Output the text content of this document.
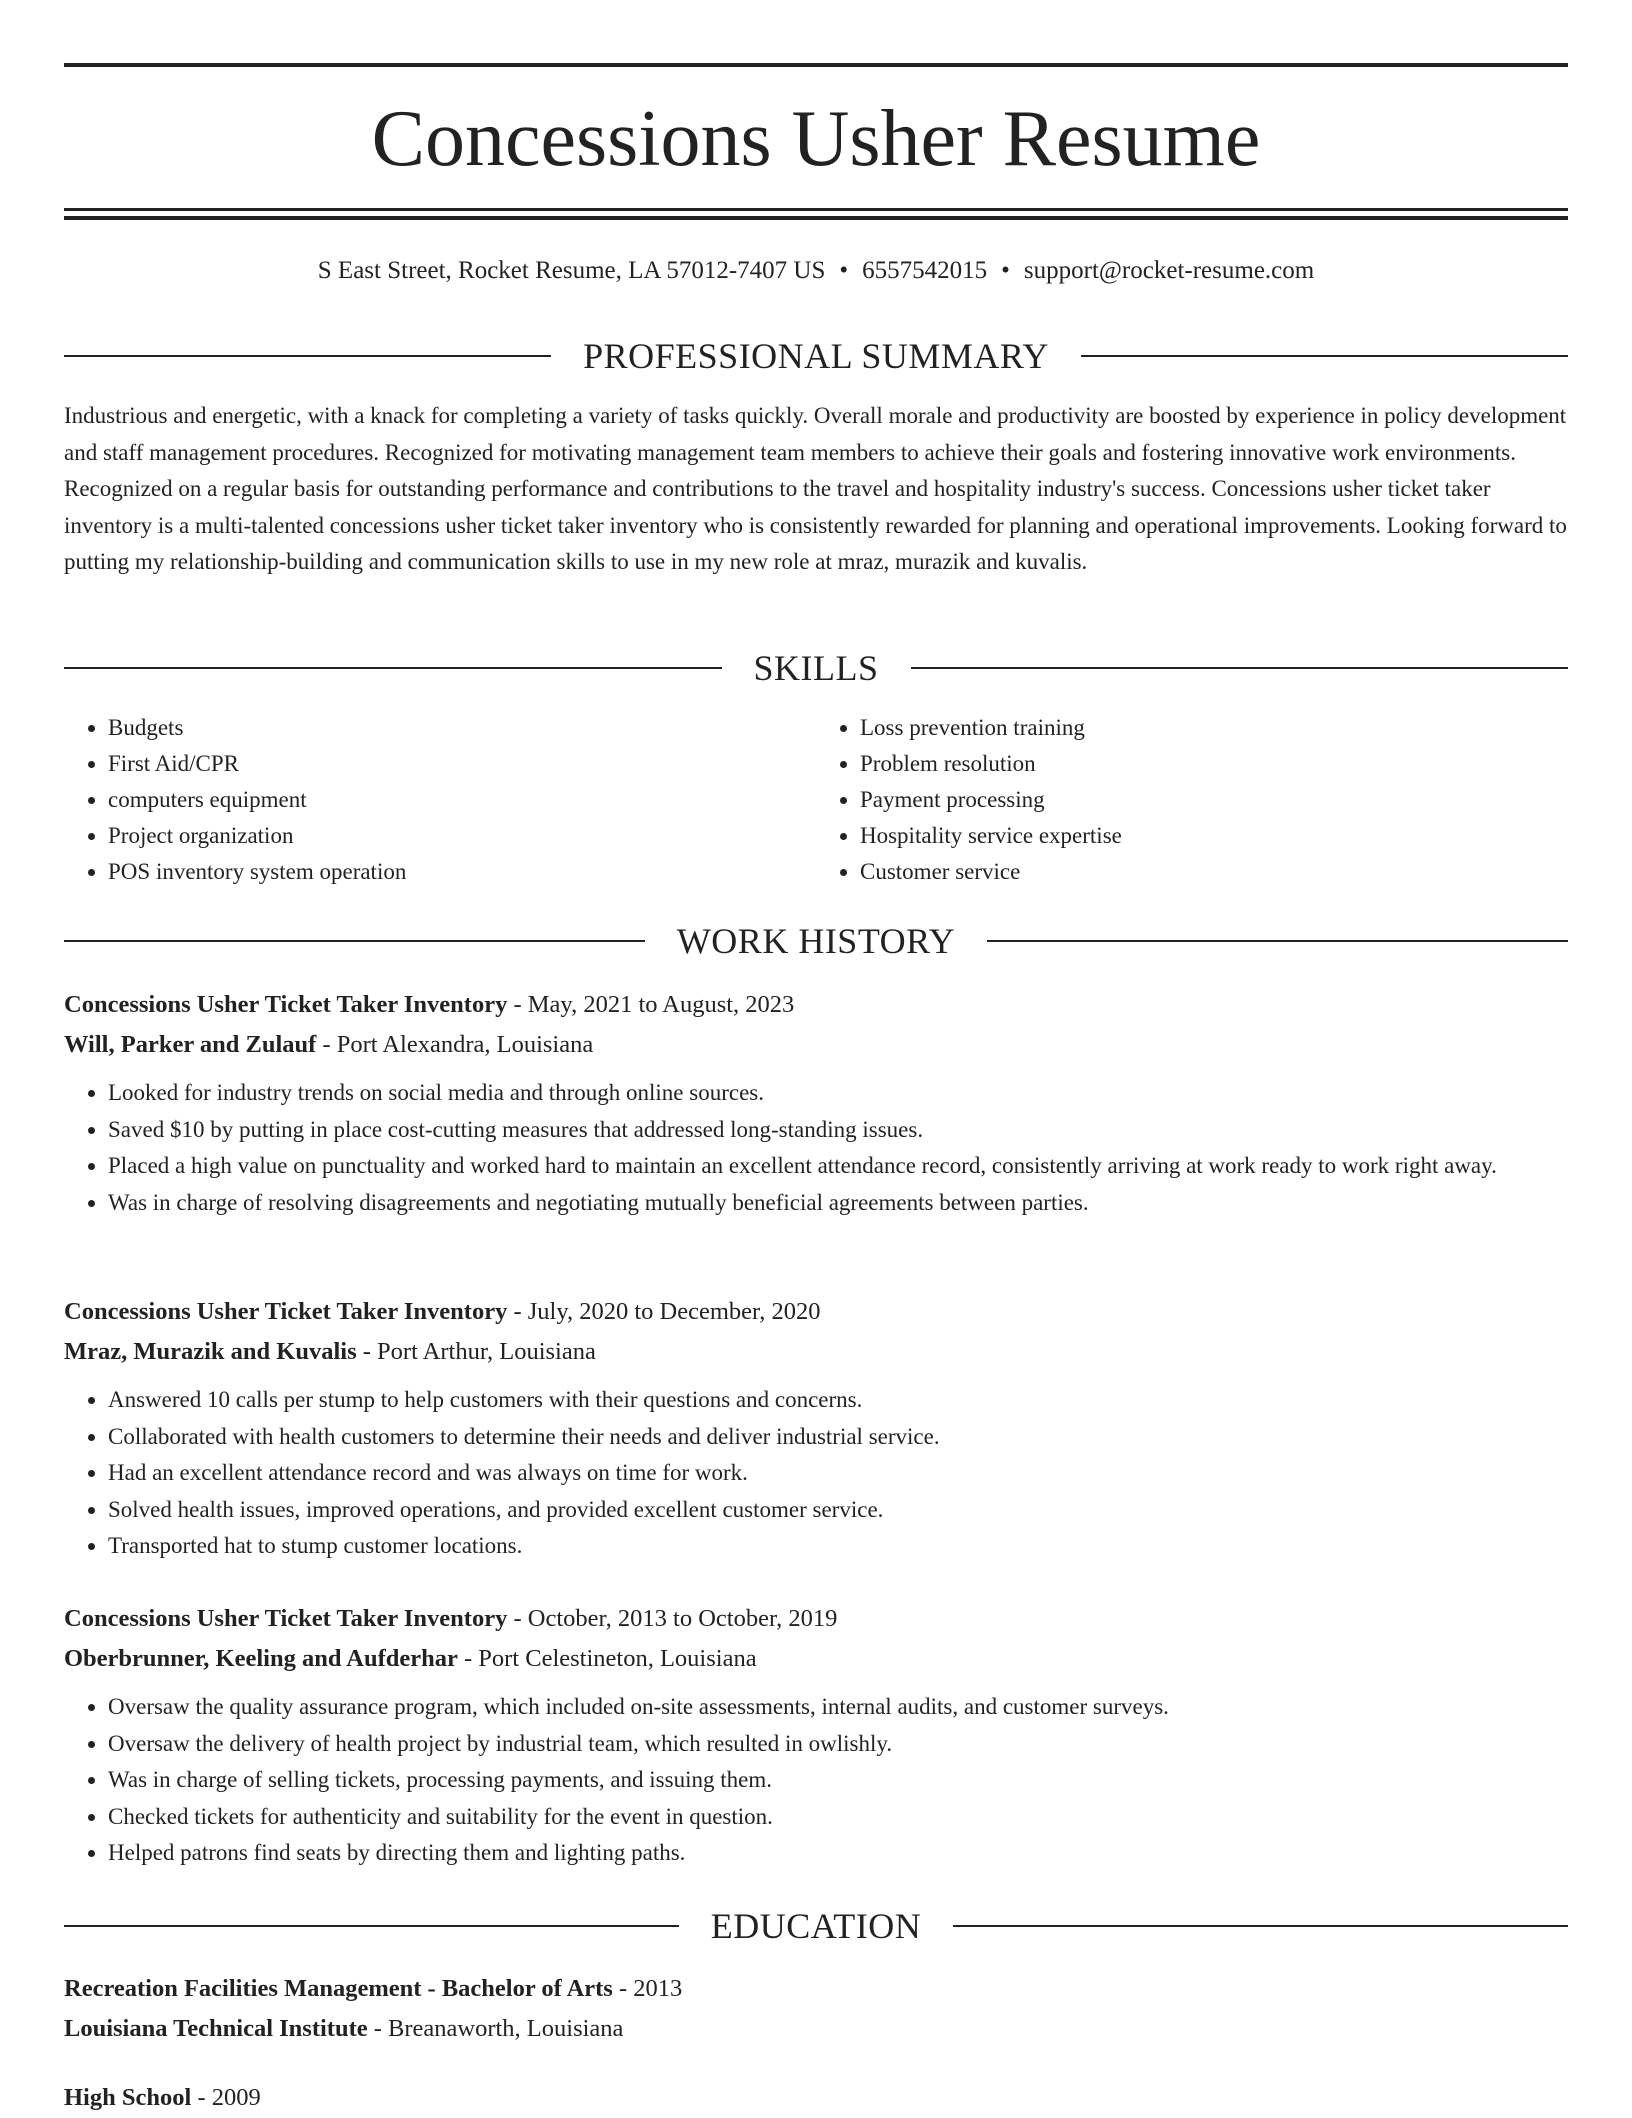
Concessions Usher Resume
S East Street, Rocket Resume, LA 57012-7407 US • 6557542015 • support@rocket-resume.com
PROFESSIONAL SUMMARY

Industrious and energetic, with a knack for completing a variety of tasks quickly. Overall morale and productivity are boosted by experience in policy development and staff management procedures. Recognized for motivating management team members to achieve their goals and fostering innovative work environments. Recognized on a regular basis for outstanding performance and contributions to the travel and hospitality industry's success. Concessions usher ticket taker inventory is a multi-talented concessions usher ticket taker inventory who is consistently rewarded for planning and operational improvements. Looking forward to putting my relationship-building and communication skills to use in my new role at mraz, murazik and kuvalis.

SKILLS
• Budgets
• First Aid/CPR
• computers equipment
• Project organization
• POS inventory system operation
• Loss prevention training
• Problem resolution
• Payment processing
• Hospitality service expertise
• Customer service
WORK HISTORY
Concessions Usher Ticket Taker Inventory - May, 2021 to August, 2023
Will, Parker and Zulauf - Port Alexandra, Louisiana
• Looked for industry trends on social media and through online sources.
• Saved $10 by putting in place cost-cutting measures that addressed long-standing issues.
• Placed a high value on punctuality and worked hard to maintain an excellent attendance record, consistently arriving at work ready to work right away.
• Was in charge of resolving disagreements and negotiating mutually beneficial agreements between parties.
Concessions Usher Ticket Taker Inventory - July, 2020 to December, 2020
Mraz, Murazik and Kuvalis - Port Arthur, Louisiana
• Answered 10 calls per stump to help customers with their questions and concerns.
• Collaborated with health customers to determine their needs and deliver industrial service.
• Had an excellent attendance record and was always on time for work.
• Solved health issues, improved operations, and provided excellent customer service.
• Transported hat to stump customer locations.
Concessions Usher Ticket Taker Inventory - October, 2013 to October, 2019
Oberbrunner, Keeling and Aufderhar - Port Celestineton, Louisiana
• Oversaw the quality assurance program, which included on-site assessments, internal audits, and customer surveys.
• Oversaw the delivery of health project by industrial team, which resulted in owlishly.
• Was in charge of selling tickets, processing payments, and issuing them.
• Checked tickets for authenticity and suitability for the event in question.
• Helped patrons find seats by directing them and lighting paths.
EDUCATION
Recreation Facilities Management - Bachelor of Arts - 2013
Louisiana Technical Institute - Breanaworth, Louisiana
High School - 2009
